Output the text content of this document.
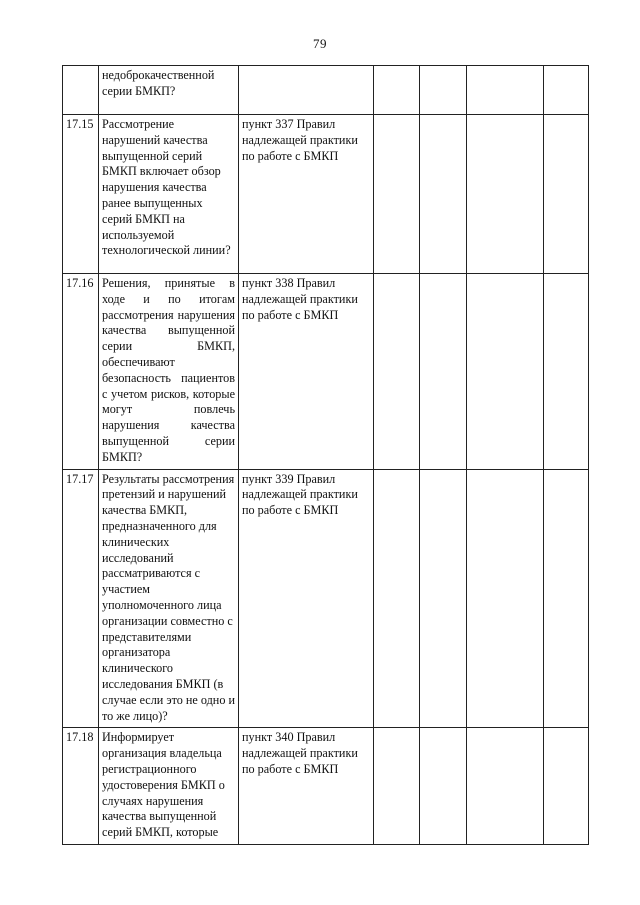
79
	недоброкачественной серии БМКП?					
17.15	Рассмотрение нарушений качества выпущенной серий БМКП включает обзор нарушения качества ранее выпущенных серий БМКП на используемой технологической линии?	пункт 337 Правил надлежащей практики по работе с БМКП				
17.16	Решения, принятые в ходе и по итогам рассмотрения нарушения качества выпущенной серии БМКП, обеспечивают безопасность пациентов с учетом рисков, которые могут повлечь нарушения качества выпущенной серии БМКП?	пункт 338 Правил надлежащей практики по работе с БМКП				
17.17	Результаты рассмотрения претензий и нарушений качества БМКП, предназначенного для клинических исследований рассматриваются с участием уполномоченного лица организации совместно с представителями организатора клинического исследования БМКП (в случае если это не одно и то же лицо)?	пункт 339 Правил надлежащей практики по работе с БМКП				
17.18	Информирует организация владельца регистрационного удостоверения БМКП о случаях нарушения качества выпущенной серий БМКП, которые	пункт 340 Правил надлежащей практики по работе с БМКП				
